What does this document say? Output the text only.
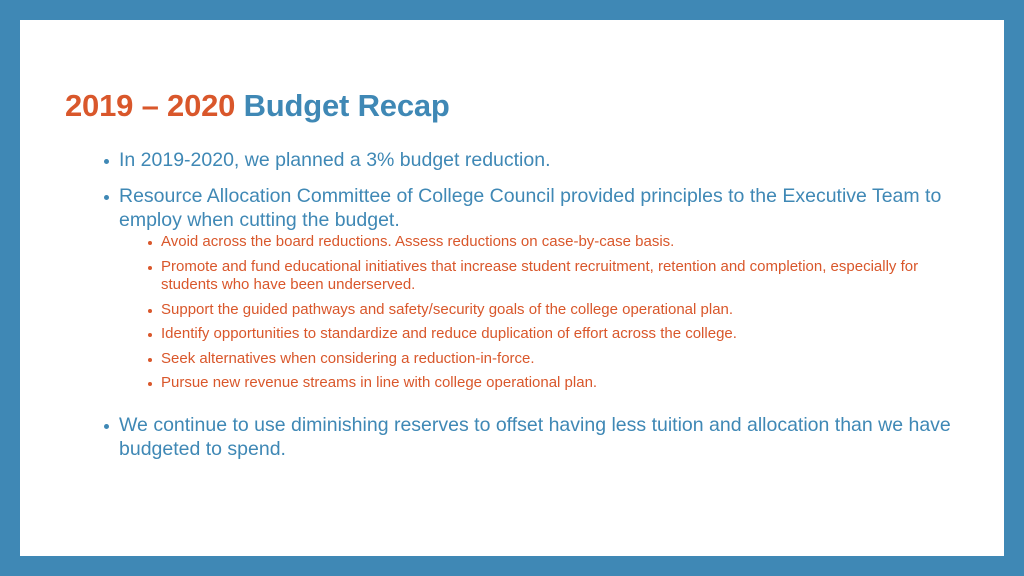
2019 – 2020 Budget Recap
In 2019-2020, we planned a 3% budget reduction.
Resource Allocation Committee of College Council provided principles to the Executive Team to employ when cutting the budget.
Avoid across the board reductions. Assess reductions on case-by-case basis.
Promote and fund educational initiatives that increase student recruitment, retention and completion, especially for students who have been underserved.
Support the guided pathways and safety/security goals of the college operational plan.
Identify opportunities to standardize and reduce duplication of effort across the college.
Seek alternatives when considering a reduction-in-force.
Pursue new revenue streams in line with college operational plan.
We continue to use diminishing reserves to offset having less tuition and allocation than we have budgeted to spend.
